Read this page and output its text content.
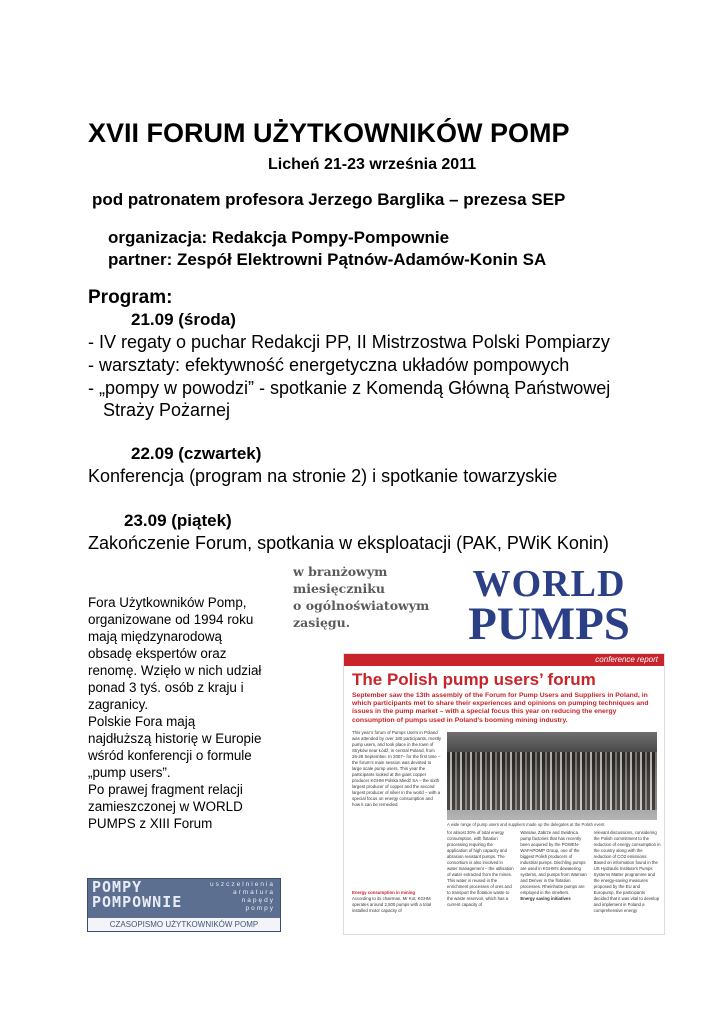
XVII FORUM UŻYTKOWNIKÓW POMP
Licheń 21-23 września 2011
pod patronatem profesora Jerzego Barglika – prezesa SEP
organizacja: Redakcja Pompy-Pompownie
partner: Zespół Elektrowni Pątnów-Adamów-Konin SA
Program:
21.09 (środa)
- IV regaty o puchar Redakcji PP, II Mistrzostwa Polski Pompiarzy
- warsztaty: efektywność energetyczna układów pompowych
- „pompy w powodzi” - spotkanie z Komendą Główną Państwowej
Straży Pożarnej
22.09 (czwartek)
Konferencja (program na stronie 2) i spotkanie towarzyskie
23.09 (piątek)
Zakończenie Forum, spotkania w eksploatacji (PAK, PWiK Konin)
Fora Użytkowników Pomp,
organizowane od 1994 roku
mają międzynarodową
obsadę ekspertów oraz
renomę. Wzięło w nich udział
ponad 3 tyś. osób z kraju i
zagranicy.
Polskie Fora mają
najdłuższą historię w Europie
wśród konferencji o formule
„pump users”.
Po prawej fragment relacji
zamieszczonej w WORLD
PUMPS z XIII Forum
w branżowym
miesięczniku
o ogólnoświatowym
zasięgu.
WORLD
PUMPS
conference report
The Polish pump users’ forum
September saw the 13th assembly of the Forum for Pump Users and Suppliers in Poland, in which participants met to share their experiences and opinions on pumping techniques and issues in the pump market – with a special focus this year on reducing the energy consumption of pumps used in Poland’s booming mining industry.
This year’s forum of Pumps Users in Poland was attended by over 180 participants, mostly pump users, and took place in the town of Stryków near Łódź, in central Poland, from 26-28 September. In 2007– for the first time – the forum’s main session was devoted to large scale pump users. This year the participants looked at the giant copper producer KGHM Polska Miedź SA – the sixth largest producer of copper and the second largest producer of silver in the world – with a special focus on energy consumption and how it can be remedied.
A wide range of pump users and suppliers made up the delegates at the Polish event.
for almost 30% of total energy consumption, with flotation processing requiring the application of high capacity and abrasion resistant pumps. The consortium is also involved in water management – the utilisation of water extracted from the mines. This water is reused in the enrichment processes of ores and to transport the flotation waste to the waste reservoir, which has a current capacity of
Warsaw, Zabrze and Swidnica pump factories that has recently been acquired by the POWEN-WAFAPOMP Group, one of the biggest Polish producers of industrial pumps. Dischling pumps are used in KGHM’s dewatering systems, and pumps from Warman and Denver in the flotation processes. Rheinhutte pumps are employed in the smelters.
Energy saving initiatives
relevant discussions, considering the Polish commitment to the reduction of energy consumption in the country along with the reduction of CO2 emissions. Based on information found in the US Hydraulic Institute’s Pumps Systems Matter programme and the energy-saving measures proposed by the EU and Europump, the participants decided that it was vital to develop and implement in Poland a comprehensive energy
Energy consumption in mining
According to its chairman, Mr Kot, KGHM operates around 2,500 pumps with a total installed motor capacity of
POMPY
POMPOWNIE
uszczelnienia
armatura
napędy
pompy
CZASOPISMO UŻYTKOWNIKÓW POMP
